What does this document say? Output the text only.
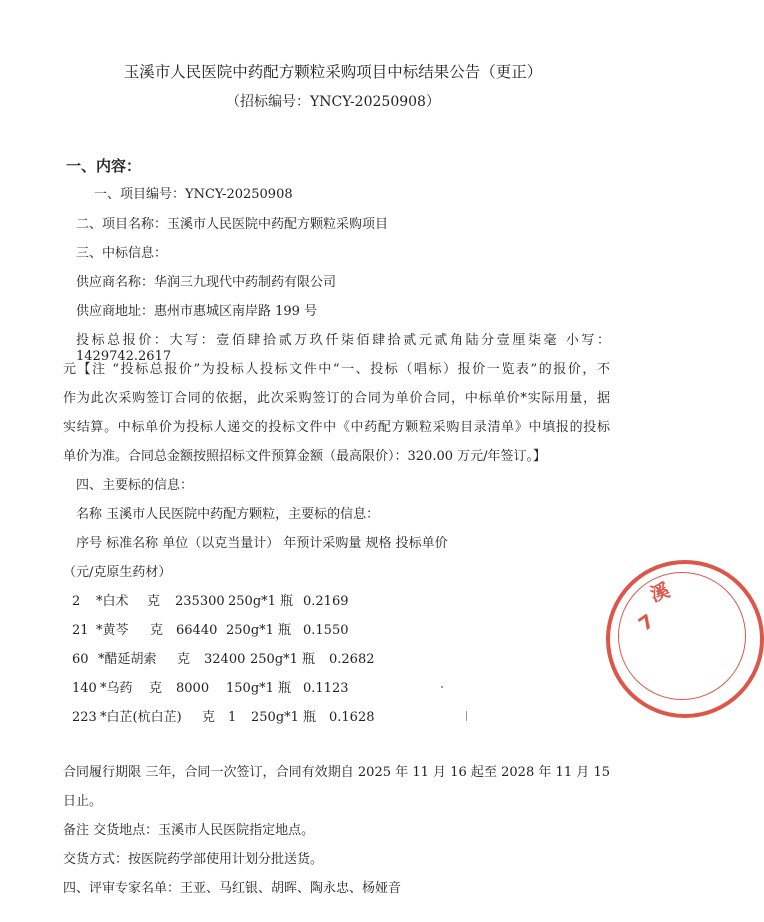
玉溪市人民医院中药配方颗粒采购项目中标结果公告（更正）
（招标编号：YNCY-20250908）
一、内容：
一、项目编号：YNCY-20250908
二、项目名称：玉溪市人民医院中药配方颗粒采购项目
三、中标信息：
供应商名称：华润三九现代中药制药有限公司
供应商地址：惠州市惠城区南岸路 199 号
投标总报价：大写：壹佰肆拾贰万玖仟柒佰肆拾贰元贰角陆分壹厘柒毫 小写：1429742.2617
元【注 “投标总报价”为投标人投标文件中“一、投标（唱标）报价一览表”的报价，不
作为此次采购签订合同的依据，此次采购签订的合同为单价合同，中标单价*实际用量，据
实结算。中标单价为投标人递交的投标文件中《中药配方颗粒采购目录清单》中填报的投标
单价为准。合同总金额按照招标文件预算金额（最高限价）：320.00 万元/年签订。】
四、主要标的信息：
名称 玉溪市人民医院中药配方颗粒，主要标的信息：
序号 标准名称 单位（以克当量计） 年预计采购量 规格 投标单价
（元/克原生药材）
2 *白术 克 235300 250g*1 瓶 0.2169
21 *黄芩 克 66440 250g*1 瓶 0.1550
60 *醋延胡索 克 32400 250g*1 瓶 0.2682
140 *乌药 克 8000 150g*1 瓶 0.1123
223 *白芷(杭白芷) 克 1 250g*1 瓶 0.1628
合同履行期限 三年，合同一次签订，合同有效期自 2025 年 11 月 16 起至 2028 年 11 月 15
日止。
备注 交货地点：玉溪市人民医院指定地点。
交货方式：按医院药学部使用计划分批送货。
四、评审专家名单：王亚、马红银、胡晖、陶永忠、杨娅音
7
溪
